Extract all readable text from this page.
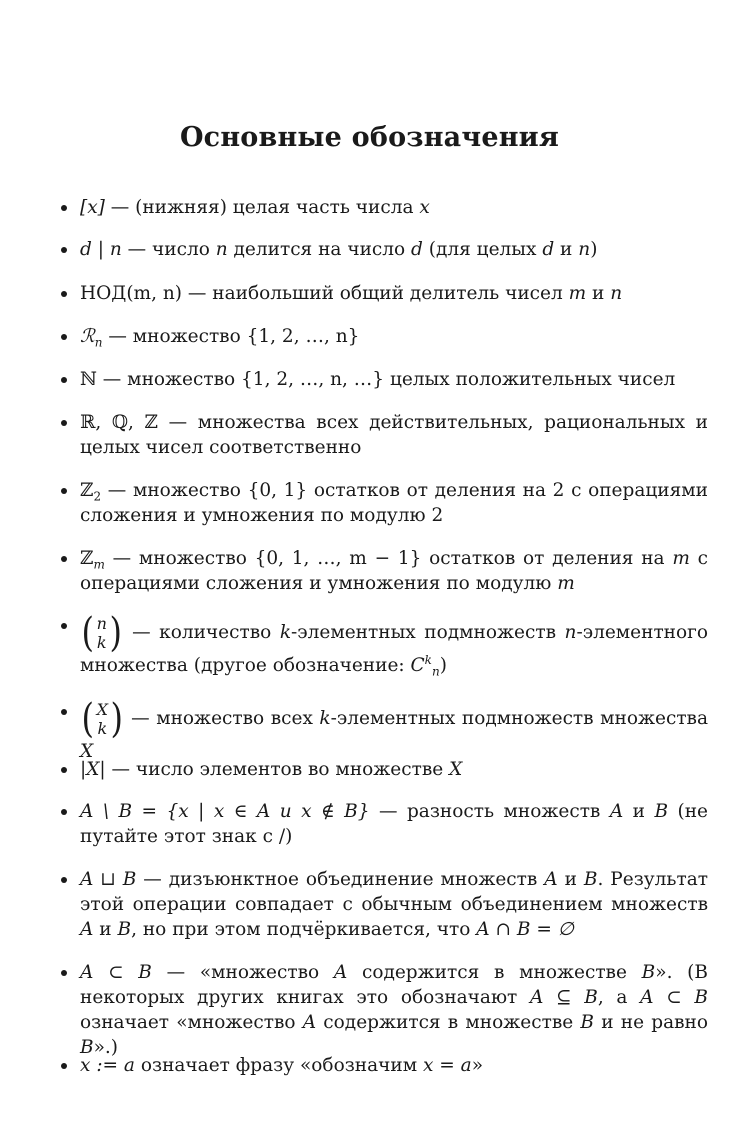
Основные обозначения
[x] — (нижняя) целая часть числа x
d | n — число n делится на число d (для целых d и n)
НОД(m, n) — наибольший общий делитель чисел m и n
ℛ$_n$ — множество {1, 2, …, n}
ℕ — множество {1, 2, …, n, …} целых положительных чисел
ℝ, ℚ, ℤ — множества всех действительных, рациональных и целых чисел соответственно
ℤ$_2$ — множество {0, 1} остатков от деления на 2 с операциями сложения и умножения по модулю 2
ℤ$_m$ — множество {0, 1, …, m − 1} остатков от деления на m с операциями сложения и умножения по модулю m
( n
k ) — количество k-элементных подмножеств n-элементного множества (другое обозначение: $C^k_n$)
( X
k ) — множество всех k-элементных подмножеств множества X
|X| — число элементов во множестве X
A \ B = {x | x ∈ A и x ∉ B} — разность множеств A и B (не путайте этот знак с /)
A ⊔ B — дизъюнктное объединение множеств A и B. Результат этой операции совпадает с обычным объединением множеств A и B, но при этом подчёркивается, что A ∩ B = ∅
A ⊂ B — «множество A содержится в множестве B». (В некоторых других книгах это обозначают A ⊆ B, а A ⊂ B означает «множество A содержится в множестве B и не равно B».)
x := a означает фразу «обозначим x = a»
